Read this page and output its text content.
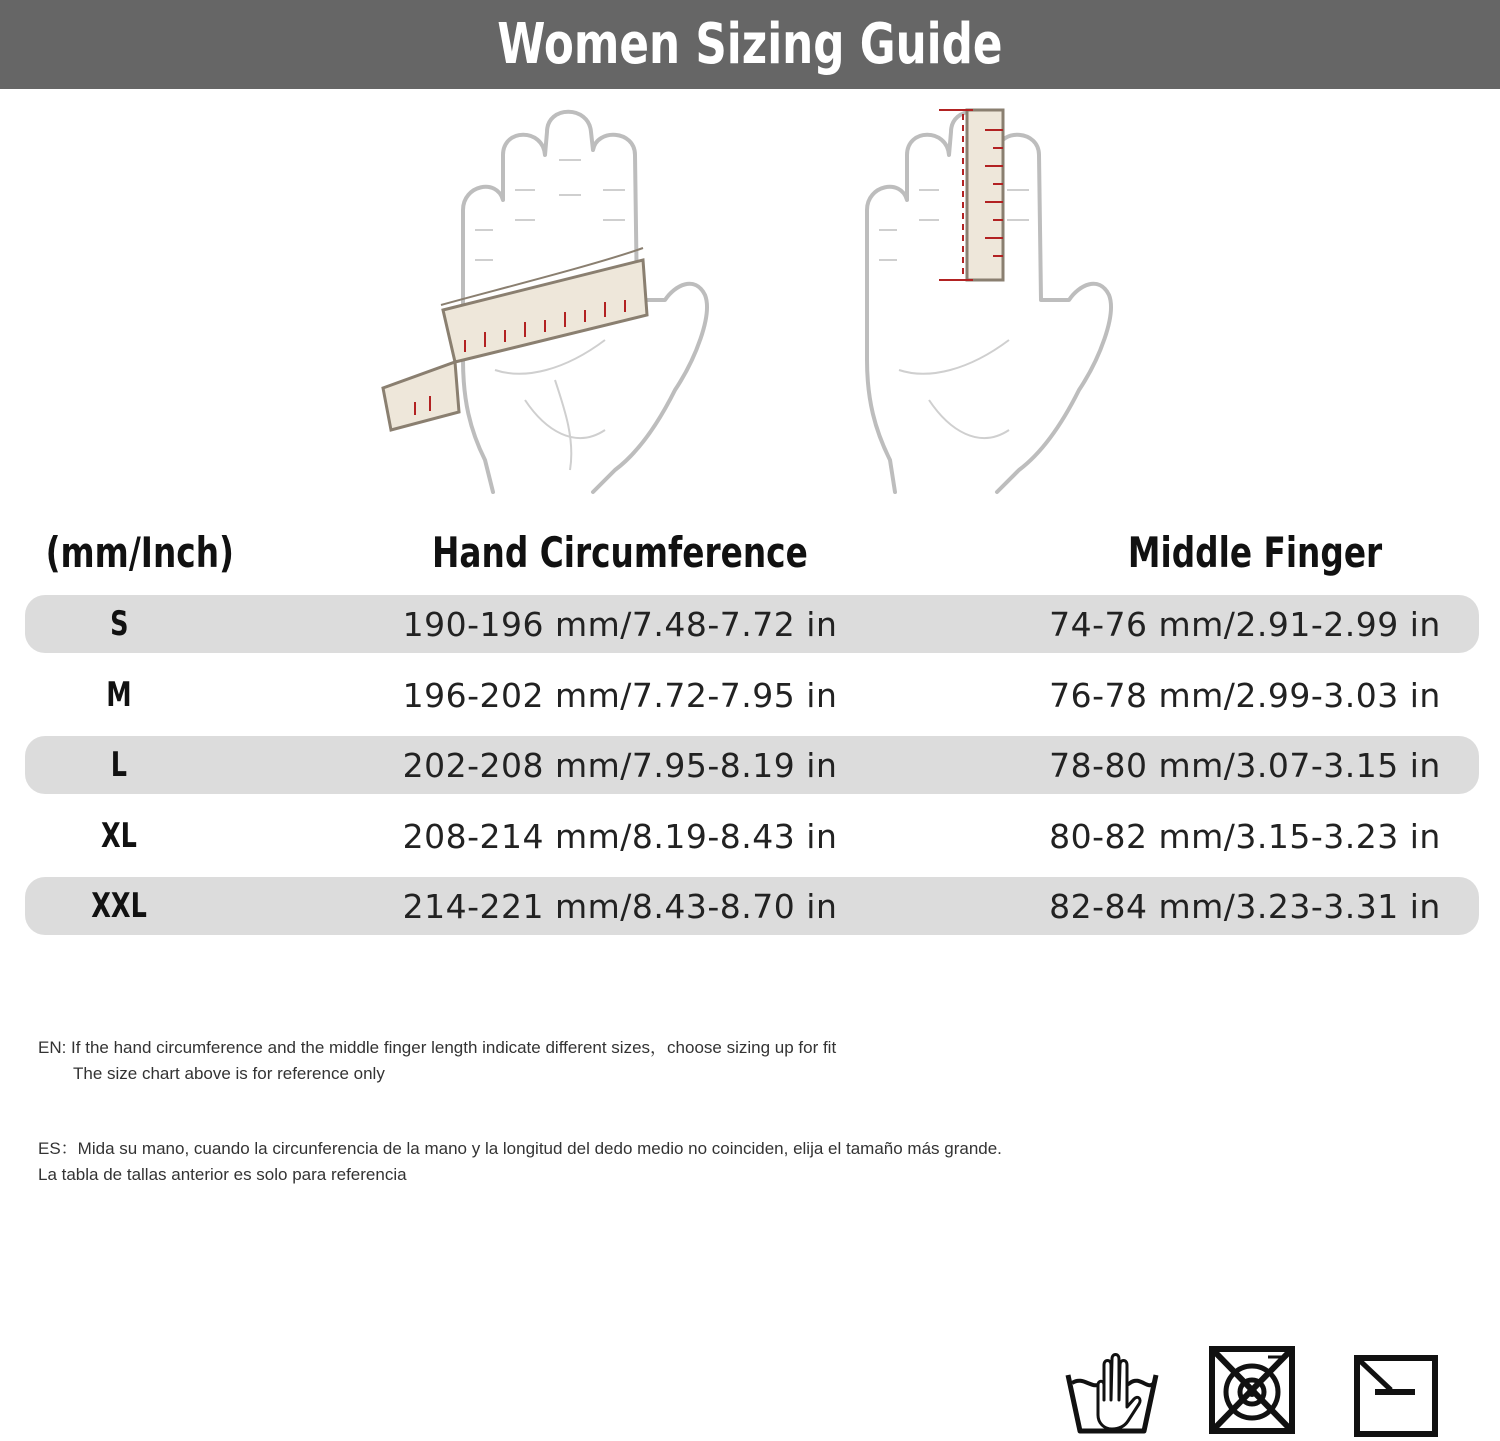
Women Sizing Guide
(mm/Inch)	Hand Circumference	Middle Finger
S	190-196 mm/7.48-7.72 in	74-76 mm/2.91-2.99 in
M	196-202 mm/7.72-7.95 in	76-78 mm/2.99-3.03 in
L	202-208 mm/7.95-8.19 in	78-80 mm/3.07-3.15 in
XL	208-214 mm/8.19-8.43 in	80-82 mm/3.15-3.23 in
XXL	214-221 mm/8.43-8.70 in	82-84 mm/3.23-3.31 in
EN: If the hand circumference and the middle finger length indicate different sizes，choose sizing up for fit
The size chart above is for reference only
ES：Mida su mano, cuando la circunferencia de la mano y la longitud del dedo medio no coinciden, elija el tamaño más grande.
La tabla de tallas anterior es solo para referencia
